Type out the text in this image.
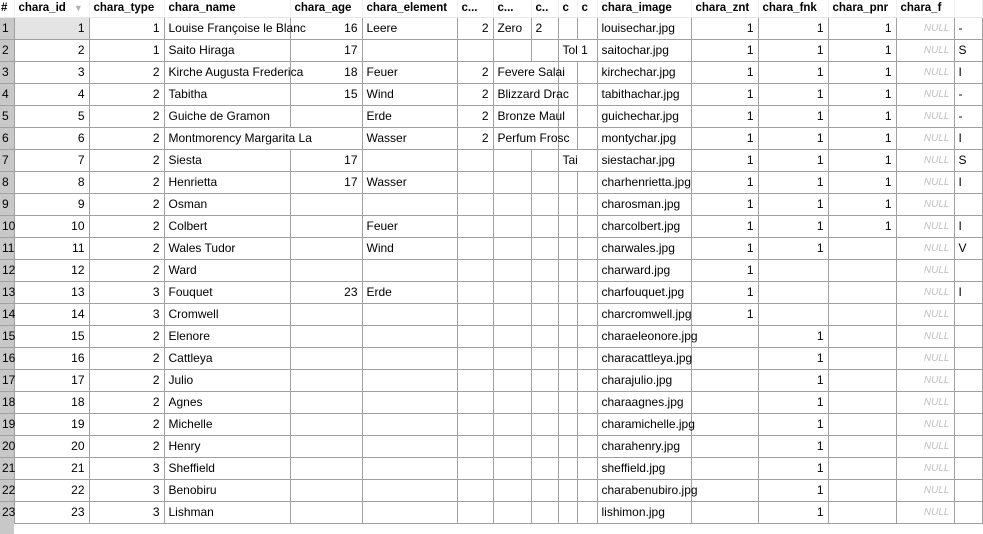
#	chara_id ▼	chara_type	chara_name	chara_age	chara_element	c...	c...	c..	c	c	chara_image	chara_znt	chara_fnk	chara_pnr	chara_f	
1	1	1	Louise Françoise le Blanc	16	Leere	2	Zero	2			louisechar.jpg	1	1	1	NULL	-
2	2	1	Saito Hiraga	17					Tol 1		saitochar.jpg	1	1	1	NULL	S
3	3	2	Kirche Augusta Frederica	18	Feuer	2	Fevere Salai				kirchechar.jpg	1	1	1	NULL	I
4	4	2	Tabitha	15	Wind	2	Blizzard Drac				tabithachar.jpg	1	1	1	NULL	-
5	5	2	Guiche de Gramon		Erde	2	Bronze Maul				guichechar.jpg	1	1	1	NULL	-
6	6	2	Montmorency Margarita La		Wasser	2	Perfum Frosc				montychar.jpg	1	1	1	NULL	I
7	7	2	Siesta	17					Tai		siestachar.jpg	1	1	1	NULL	S
8	8	2	Henrietta	17	Wasser						charhenrietta.jpg	1	1	1	NULL	I
9	9	2	Osman								charosman.jpg	1	1	1	NULL	
10	10	2	Colbert		Feuer						charcolbert.jpg	1	1	1	NULL	I
11	11	2	Wales Tudor		Wind						charwales.jpg	1	1		NULL	V
12	12	2	Ward								charward.jpg	1			NULL	
13	13	3	Fouquet	23	Erde						charfouquet.jpg	1			NULL	I
14	14	3	Cromwell								charcromwell.jpg	1			NULL	
15	15	2	Elenore								charaeleonore.jpg		1		NULL	
16	16	2	Cattleya								characattleya.jpg		1		NULL	
17	17	2	Julio								charajulio.jpg		1		NULL	
18	18	2	Agnes								charaagnes.jpg		1		NULL	
19	19	2	Michelle								charamichelle.jpg		1		NULL	
20	20	2	Henry								charahenry.jpg		1		NULL	
21	21	3	Sheffield								sheffield.jpg		1		NULL	
22	22	3	Benobiru								charabenubiro.jpg		1		NULL	
23	23	3	Lishman								lishimon.jpg		1		NULL	
